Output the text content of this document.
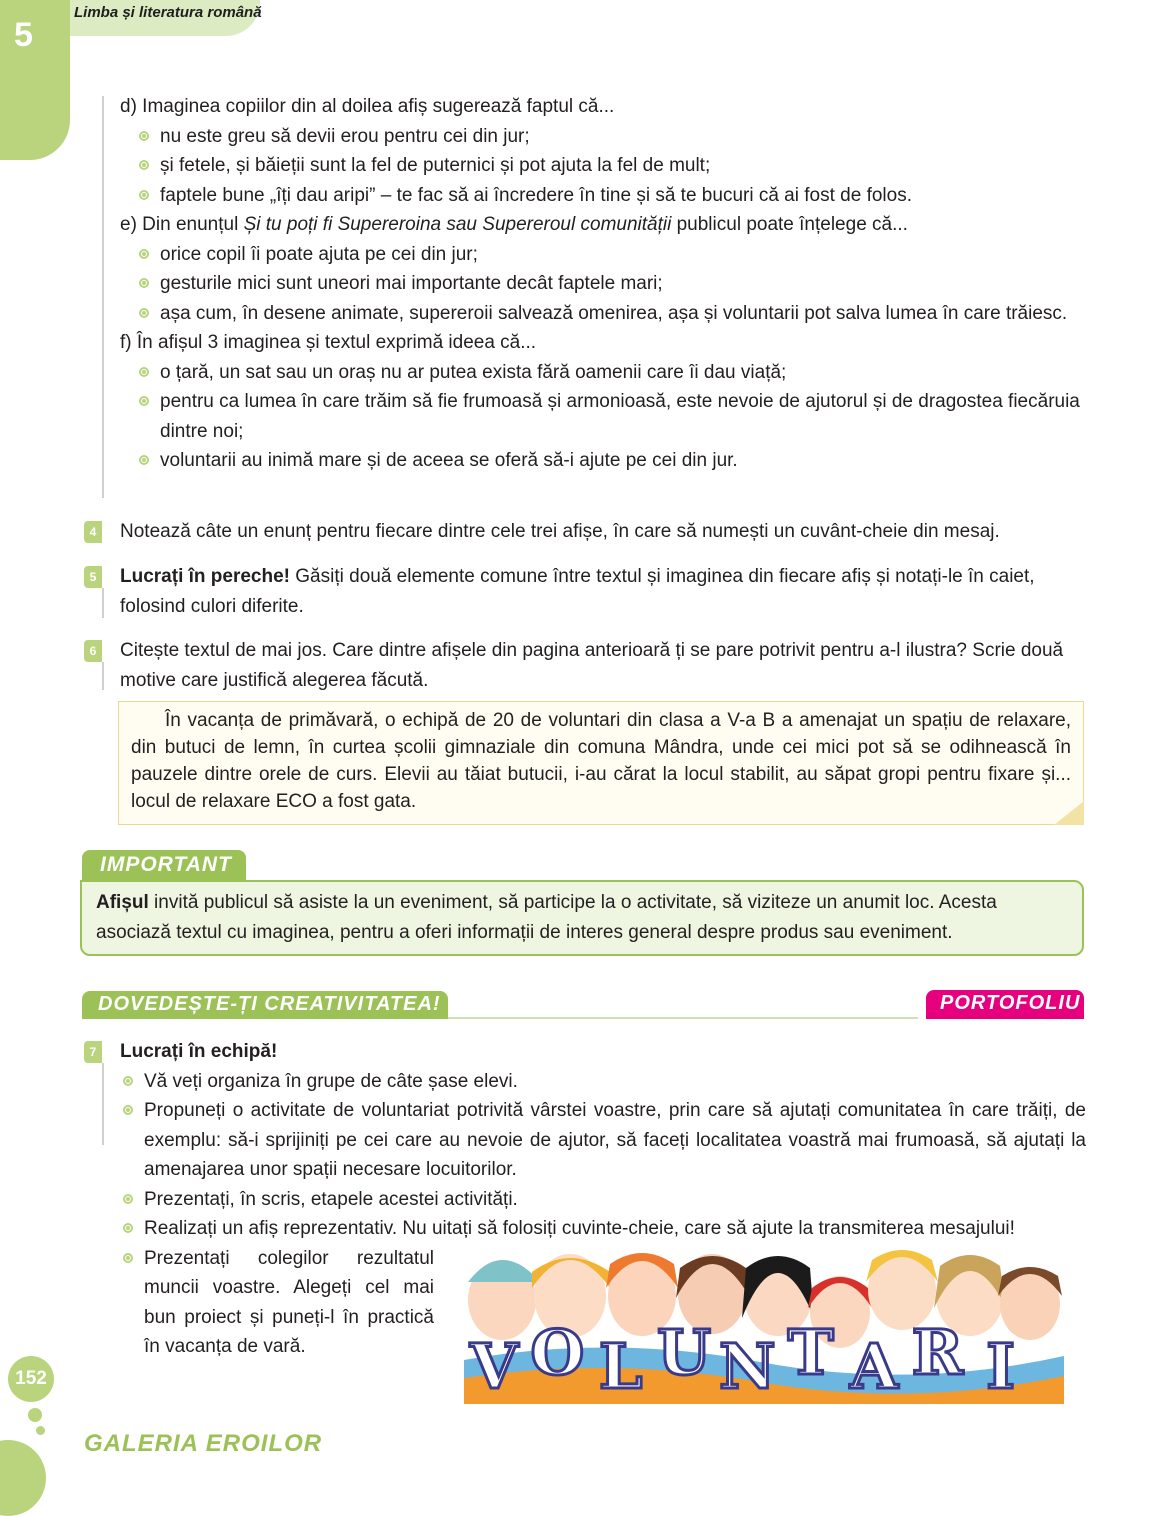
5
Limba și literatura română
d) Imaginea copiilor din al doilea afiș sugerează faptul că...
nu este greu să devii erou pentru cei din jur;
și fetele, și băieții sunt la fel de puternici și pot ajuta la fel de mult;
faptele bune „îți dau aripi” – te fac să ai încredere în tine și să te bucuri că ai fost de folos.
e) Din enunțul Și tu poți fi Supereroina sau Supereroul comunității publicul poate înțelege că...
orice copil îi poate ajuta pe cei din jur;
gesturile mici sunt uneori mai importante decât faptele mari;
așa cum, în desene animate, supereroii salvează omenirea, așa și voluntarii pot salva lumea în care trăiesc.
f) În afișul 3 imaginea și textul exprimă ideea că...
o țară, un sat sau un oraș nu ar putea exista fără oamenii care îi dau viață;
pentru ca lumea în care trăim să fie frumoasă și armonioasă, este nevoie de ajutorul și de dragostea fiecăruia dintre noi;
voluntarii au inimă mare și de aceea se oferă să-i ajute pe cei din jur.
4 Notează câte un enunț pentru fiecare dintre cele trei afișe, în care să numești un cuvânt-cheie din mesaj.
5 Lucrați în pereche! Găsiți două elemente comune între textul și imaginea din fiecare afiș și notați-le în caiet, folosind culori diferite.
6 Citește textul de mai jos. Care dintre afișele din pagina anterioară ți se pare potrivit pentru a-l ilustra? Scrie două motive care justifică alegerea făcută.
În vacanța de primăvară, o echipă de 20 de voluntari din clasa a V-a B a amenajat un spațiu de relaxare, din butuci de lemn, în curtea școlii gimnaziale din comuna Mândra, unde cei mici pot să se odihnească în pauzele dintre orele de curs. Elevii au tăiat butucii, i-au cărat la locul stabilit, au săpat gropi pentru fixare și... locul de relaxare ECO a fost gata.
IMPORTANT
Afișul invită publicul să asiste la un eveniment, să participe la o activitate, să viziteze un anumit loc. Acesta asociază textul cu imaginea, pentru a oferi informații de interes general despre produs sau eveniment.
DOVEDEȘTE-ȚI CREATIVITATEA!	PORTOFOLIU
7 Lucrați în echipă!
Vă veți organiza în grupe de câte șase elevi.
Propuneți o activitate de voluntariat potrivită vârstei voastre, prin care să ajutați comunitatea în care trăiți, de exemplu: să-i sprijiniți pe cei care au nevoie de ajutor, să faceți localitatea voastră mai frumoasă, să ajutați la amenajarea unor spații necesare locuitorilor.
Prezentați, în scris, etapele acestei activități.
Realizați un afiș reprezentativ. Nu uitați să folosiți cuvinte-cheie, care să ajute la transmiterea mesajului!
Prezentați colegilor rezultatul muncii voastre. Alegeți cel mai bun proiect și puneți-l în practică în vacanța de vară.	V O L U N T A R I
152
GALERIA EROILOR
